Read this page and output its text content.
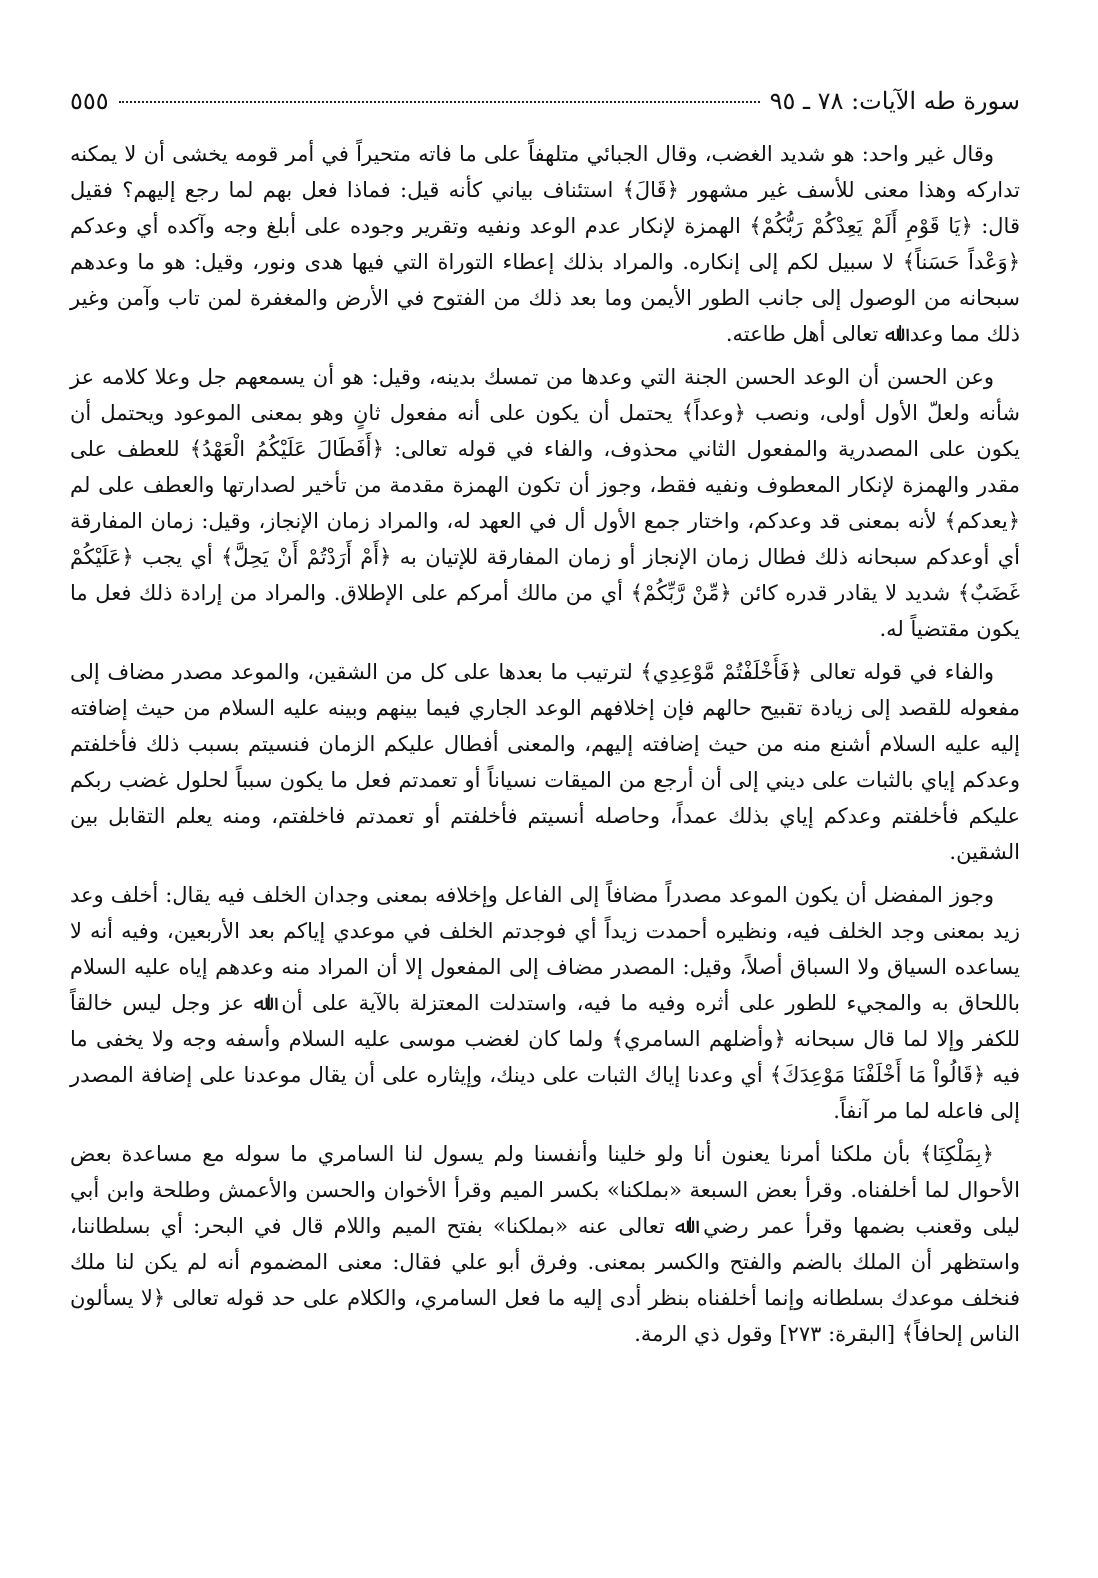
سورة طه الآيات: ٧٨ ـ ٩٥
٥٥٥

وقال غير واحد: هو شديد الغضب، وقال الجبائي متلهفاً على ما فاته متحيراً في أمر قومه يخشى أن لا يمكنه تداركه وهذا معنى للأسف غير مشهور ﴿قَالَ﴾ استئناف بياني كأنه قيل: فماذا فعل بهم لما رجع إليهم؟ فقيل قال: ﴿يَا قَوْمِ أَلَمْ يَعِدْكُمْ رَبُّكُمْ﴾ الهمزة لإنكار عدم الوعد ونفيه وتقرير وجوده على أبلغ وجه وآكده أي وعدكم ﴿وَعْداً حَسَناً﴾ لا سبيل لكم إلى إنكاره. والمراد بذلك إعطاء التوراة التي فيها هدى ونور، وقيل: هو ما وعدهم سبحانه من الوصول إلى جانب الطور الأيمن وما بعد ذلك من الفتوح في الأرض والمغفرة لمن تاب وآمن وغير ذلك مما وعد اﷲ تعالى أهل طاعته.

وعن الحسن أن الوعد الحسن الجنة التي وعدها من تمسك بدينه، وقيل: هو أن يسمعهم جل وعلا كلامه عز شأنه ولعلّ الأول أولى، ونصب ﴿وعداً﴾ يحتمل أن يكون على أنه مفعول ثانٍ وهو بمعنى الموعود ويحتمل أن يكون على المصدرية والمفعول الثاني محذوف، والفاء في قوله تعالى: ﴿أَفَطَالَ عَلَيْكُمُ الْعَهْدُ﴾ للعطف على مقدر والهمزة لإنكار المعطوف ونفيه فقط، وجوز أن تكون الهمزة مقدمة من تأخير لصدارتها والعطف على لم ﴿يعدكم﴾ لأنه بمعنى قد وعدكم، واختار جمع الأول أل في العهد له، والمراد زمان الإنجاز، وقيل: زمان المفارقة أي أوعدكم سبحانه ذلك فطال زمان الإنجاز أو زمان المفارقة للإتيان به ﴿أَمْ أَرَدْتُمْ أَنْ يَحِلَّ﴾ أي يجب ﴿عَلَيْكُمْ غَضَبٌ﴾ شديد لا يقادر قدره كائن ﴿مِّنْ رَّبِّكُمْ﴾ أي من مالك أمركم على الإطلاق. والمراد من إرادة ذلك فعل ما يكون مقتضياً له.

والفاء في قوله تعالى ﴿فَأَخْلَفْتُمْ مَّوْعِدِي﴾ لترتيب ما بعدها على كل من الشقين، والموعد مصدر مضاف إلى مفعوله للقصد إلى زيادة تقبيح حالهم فإن إخلافهم الوعد الجاري فيما بينهم وبينه عليه السلام من حيث إضافته إليه عليه السلام أشنع منه من حيث إضافته إليهم، والمعنى أفطال عليكم الزمان فنسيتم بسبب ذلك فأخلفتم وعدكم إياي بالثبات على ديني إلى أن أرجع من الميقات نسياناً أو تعمدتم فعل ما يكون سبباً لحلول غضب ربكم عليكم فأخلفتم وعدكم إياي بذلك عمداً، وحاصله أنسيتم فأخلفتم أو تعمدتم فاخلفتم، ومنه يعلم التقابل بين الشقين.

وجوز المفضل أن يكون الموعد مصدراً مضافاً إلى الفاعل وإخلافه بمعنى وجدان الخلف فيه يقال: أخلف وعد زيد بمعنى وجد الخلف فيه، ونظيره أحمدت زيداً أي فوجدتم الخلف في موعدي إياكم بعد الأربعين، وفيه أنه لا يساعده السياق ولا السباق أصلاً، وقيل: المصدر مضاف إلى المفعول إلا أن المراد منه وعدهم إياه عليه السلام باللحاق به والمجيء للطور على أثره وفيه ما فيه، واستدلت المعتزلة بالآية على أن اﷲ عز وجل ليس خالقاً للكفر وإلا لما قال سبحانه ﴿وأضلهم السامري﴾ ولما كان لغضب موسى عليه السلام وأسفه وجه ولا يخفى ما فيه ﴿قَالُواْ مَا أَخْلَفْنَا مَوْعِدَكَ﴾ أي وعدنا إياك الثبات على دينك، وإيثاره على أن يقال موعدنا على إضافة المصدر إلى فاعله لما مر آنفاً.

﴿بِمَلْكِنَا﴾ بأن ملكنا أمرنا يعنون أنا ولو خلينا وأنفسنا ولم يسول لنا السامري ما سوله مع مساعدة بعض الأحوال لما أخلفناه. وقرأ بعض السبعة «بملكنا» بكسر الميم وقرأ الأخوان والحسن والأعمش وطلحة وابن أبي ليلى وقعنب بضمها وقرأ عمر رضي اﷲ تعالى عنه «بملكنا» بفتح الميم واللام قال في البحر: أي بسلطاننا، واستظهر أن الملك بالضم والفتح والكسر بمعنى. وفرق أبو علي فقال: معنى المضموم أنه لم يكن لنا ملك فنخلف موعدك بسلطانه وإنما أخلفناه بنظر أدى إليه ما فعل السامري، والكلام على حد قوله تعالى ﴿لا يسألون الناس إلحافاً﴾ [البقرة: ٢٧٣] وقول ذي الرمة.
